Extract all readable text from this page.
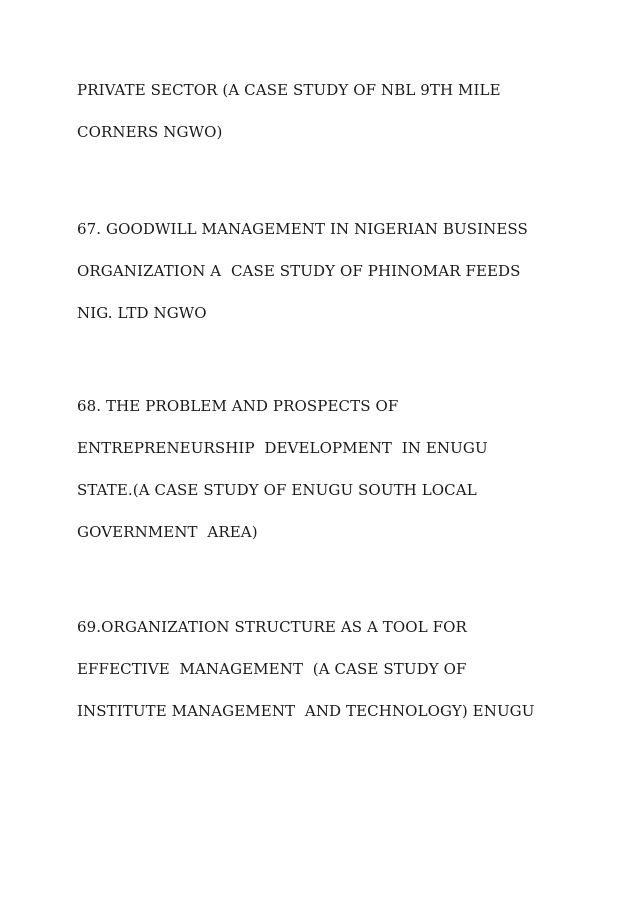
PRIVATE SECTOR (A CASE STUDY OF NBL 9TH MILE

CORNERS NGWO)

67. GOODWILL MANAGEMENT IN NIGERIAN BUSINESS

ORGANIZATION A  CASE STUDY OF PHINOMAR FEEDS

NIG. LTD NGWO

68. THE PROBLEM AND PROSPECTS OF

ENTREPRENEURSHIP  DEVELOPMENT  IN ENUGU

STATE.(A CASE STUDY OF ENUGU SOUTH LOCAL

GOVERNMENT  AREA)

69.ORGANIZATION STRUCTURE AS A TOOL FOR

EFFECTIVE  MANAGEMENT  (A CASE STUDY OF

INSTITUTE MANAGEMENT  AND TECHNOLOGY) ENUGU
